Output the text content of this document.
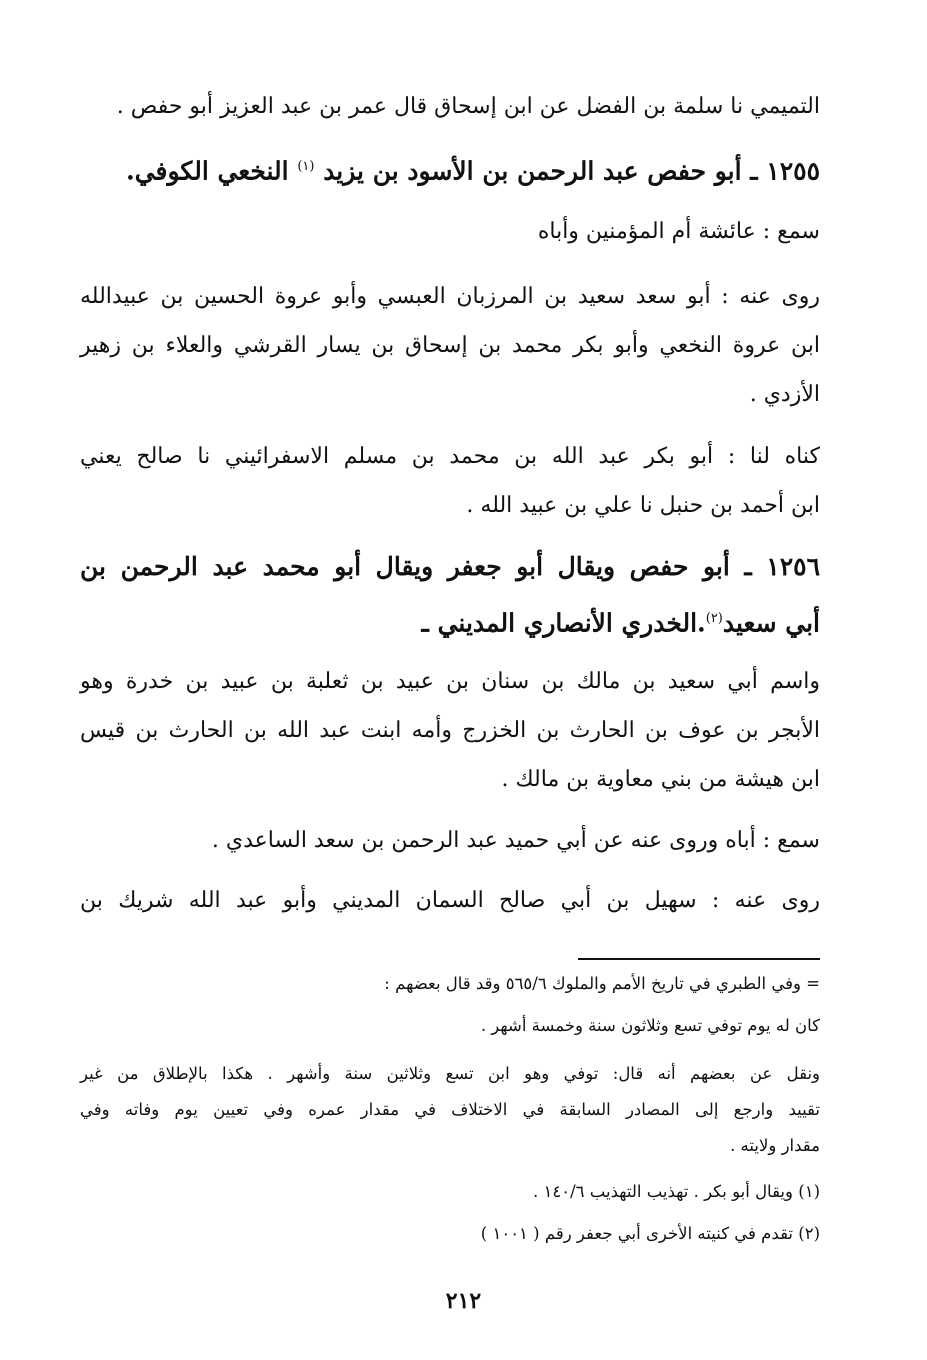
التميمي نا سلمة بن الفضل عن ابن إسحاق قال عمر بن عبد العزيز أبو حفص .
١٢٥٥ ـ أبو حفص عبد الرحمن بن الأسود بن يزيد $^{(١)}$ النخعي الكوفي.
سمع : عائشة أم المؤمنين وأباه
روى عنه : أبو سعد سعيد بن المرزبان العبسي وأبو عروة الحسين بن عبيدالله
ابن عروة النخعي وأبو بكر محمد بن إسحاق بن يسار القرشي والعلاء بن زهير
الأزدي .
كناه لنا : أبو بكر عبد الله بن محمد بن مسلم الاسفرائيني نا صالح يعني
ابن أحمد بن حنبل نا علي بن عبيد الله .
١٢٥٦ ـ أبو حفص ويقال أبو جعفر ويقال أبو محمد عبد الرحمن بن
أبي سعيد$^{(٢)}$.الخدري الأنصاري المديني ـ
واسم أبي سعيد بن مالك بن سنان بن عبيد بن ثعلبة بن عبيد بن خدرة وهو
الأبجر بن عوف بن الحارث بن الخزرج وأمه ابنت عبد الله بن الحارث بن قيس
ابن هيشة من بني معاوية بن مالك .
سمع : أباه وروى عنه عن أبي حميد عبد الرحمن بن سعد الساعدي .
روى عنه : سهيل بن أبي صالح السمان المديني وأبو عبد الله شريك بن
= وفي الطبري في تاريخ الأمم والملوك ٥٦٥/٦ وقد قال بعضهم :
كان له يوم توفي تسع وثلاثون سنة وخمسة أشهر .
ونقل عن بعضهم أنه قال: توفي وهو ابن تسع وثلاثين سنة وأشهر . هكذا بالإطلاق من غير
تقييد وارجع إلى المصادر السابقة في الاختلاف في مقدار عمره وفي تعيين يوم وفاته وفي
مقدار ولايته .
(١) ويقال أبو بكر . تهذيب التهذيب ١٤٠/٦ .
(٢) تقدم في كنيته الأخرى أبي جعفر رقم ( ١٠٠١ )
٢١٢
